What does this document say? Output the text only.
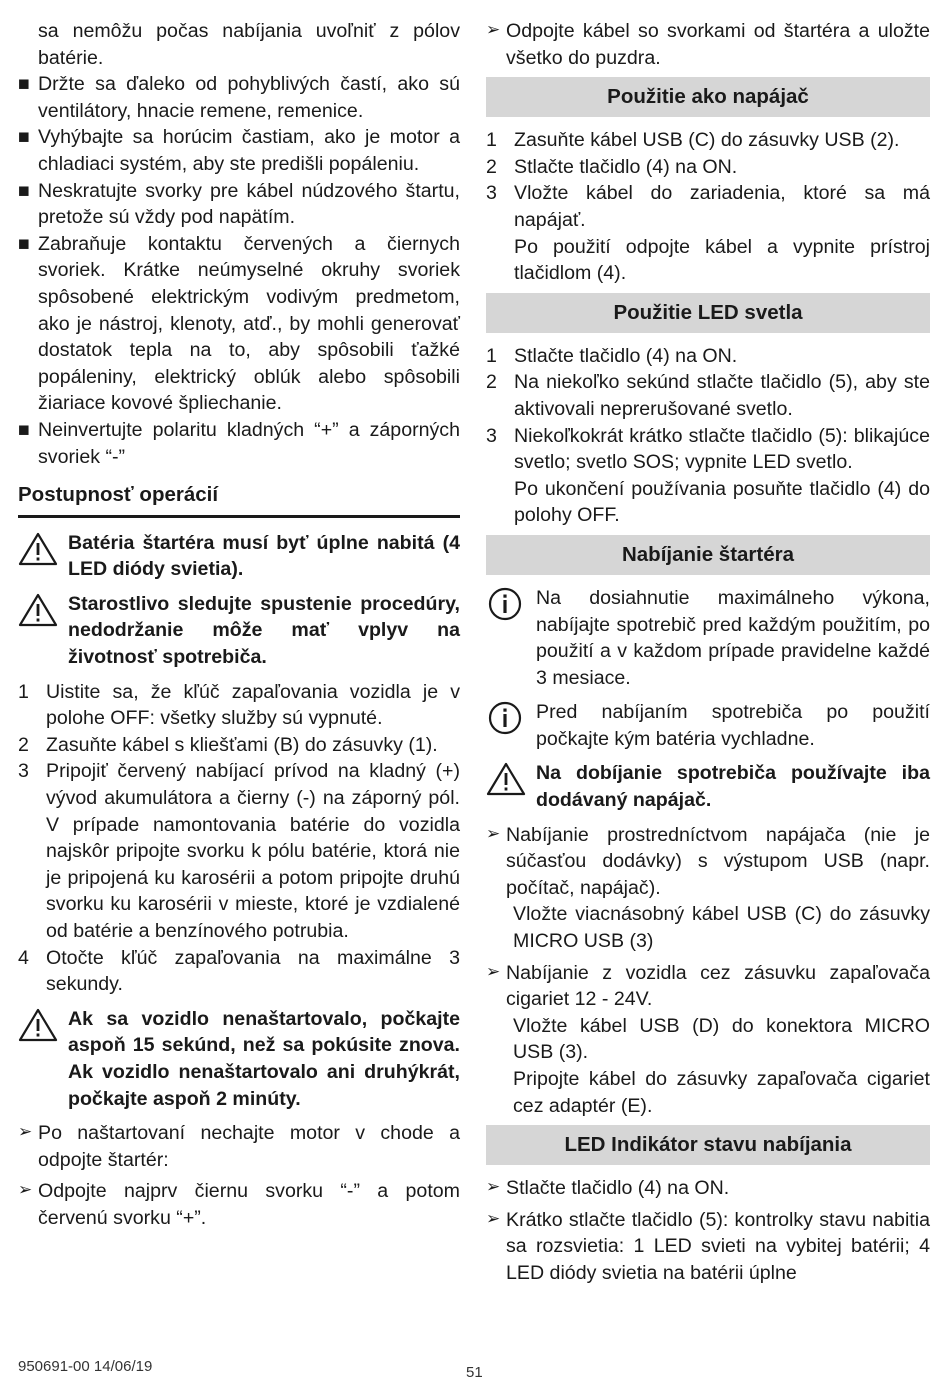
sa nemôžu počas nabíjania uvoľniť z pólov batérie.
■ Držte sa ďaleko od pohyblivých častí, ako sú ventilátory, hnacie remene, remenice.
■ Vyhýbajte sa horúcim častiam, ako je motor a chladiaci systém, aby ste predišli popáleniu.
■ Neskratujte svorky pre kábel núdzového štartu, pretože sú vždy pod napätím.
■ Zabraňuje kontaktu červených a čiernych svoriek. Krátke neúmyselné okruhy svoriek spôsobené elektrickým vodivým predmetom, ako je nástroj, klenoty, atď., by mohli generovať dostatok tepla na to, aby spôsobili ťažké popáleniny, elektrický oblúk alebo spôsobili žiariace kovové špliechanie.
■ Neinvertujte polaritu kladných “+” a záporných svoriek “-”
Postupnosť operácií
Batéria štartéra musí byť úplne nabitá (4 LED diódy svietia).
Starostlivo sledujte spustenie procedúry, nedodržanie môže mať vplyv na životnosť spotrebiča.
1 Uistite sa, že kľúč zapaľovania vozidla je v polohe OFF: všetky služby sú vypnuté.
2 Zasuňte kábel s kliešťami (B) do zásuvky (1).
3 Pripojiť červený nabíjací prívod na kladný (+) vývod akumulátora a čierny (-) na záporný pól. V prípade namontovania batérie do vozidla najskôr pripojte svorku k pólu batérie, ktorá nie je pripojená ku karosérii a potom pripojte druhú svorku ku karosérii v mieste, ktoré je vzdialené od batérie a benzínového potrubia.
4 Otočte kľúč zapaľovania na maximálne 3 sekundy.
Ak sa vozidlo nenaštartovalo, počkajte aspoň 15 sekúnd, než sa pokúsite znova. Ak vozidlo nenaštartovalo ani druhýkrát, počkajte aspoň 2 minúty.
➢ Po naštartovaní nechajte motor v chode a odpojte štartér:
➢ Odpojte najprv čiernu svorku “-” a potom červenú svorku “+”.
➢ Odpojte kábel so svorkami od štartéra a uložte všetko do puzdra.
Použitie ako napájač
1 Zasuňte kábel USB (C) do zásuvky USB (2).
2 Stlačte tlačidlo (4) na ON.
3 Vložte kábel do zariadenia, ktoré sa má napájať.
Po použití odpojte kábel a vypnite prístroj tlačidlom (4).
Použitie LED svetla
1 Stlačte tlačidlo (4) na ON.
2 Na niekoľko sekúnd stlačte tlačidlo (5), aby ste aktivovali neprerušované svetlo.
3 Niekoľkokrát krátko stlačte tlačidlo (5): blikajúce svetlo; svetlo SOS; vypnite LED svetlo.
Po ukončení používania posuňte tlačidlo (4) do polohy OFF.
Nabíjanie štartéra
Na dosiahnutie maximálneho výkona, nabíjajte spotrebič pred každým použitím, po použití a v každom prípade pravidelne každé 3 mesiace.
Pred nabíjaním spotrebiča po použití počkajte kým batéria vychladne.
Na dobíjanie spotrebiča používajte iba dodávaný napájač.
➢ Nabíjanie prostredníctvom napájača (nie je súčasťou dodávky) s výstupom USB (napr. počítač, napájač).
Vložte viacnásobný kábel USB (C) do zásuvky MICRO USB (3)
➢ Nabíjanie z vozidla cez zásuvku zapaľovača cigariet 12 - 24V.
Vložte kábel USB (D) do konektora MICRO USB (3).
Pripojte kábel do zásuvky zapaľovača cigariet cez adaptér (E).
LED Indikátor stavu nabíjania
➢ Stlačte tlačidlo (4) na ON.
➢ Krátko stlačte tlačidlo (5): kontrolky stavu nabitia sa rozsvietia: 1 LED svieti na vybitej batérii; 4 LED diódy svietia na batérii úplne
950691-00 14/06/19	51
